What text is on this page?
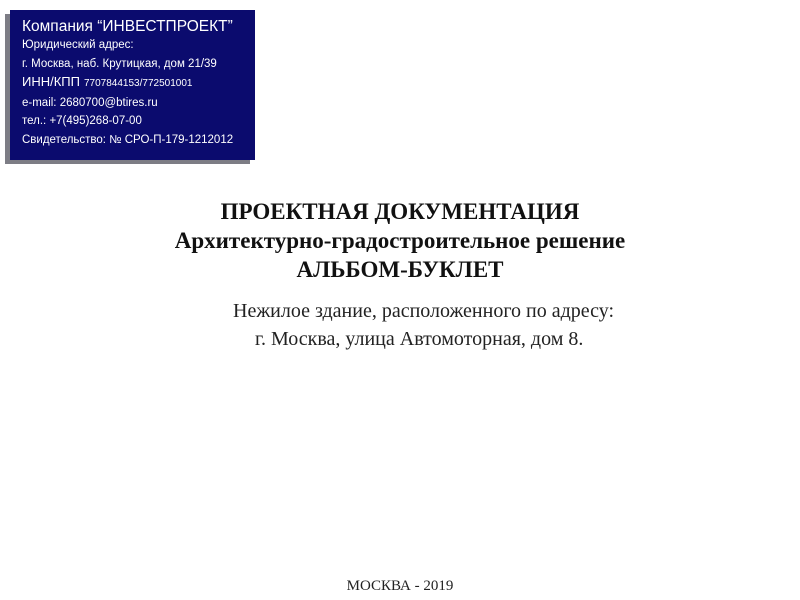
Компания “ИНВЕСТПРОЕКТ”
Юридический адрес:
г. Москва, наб. Крутицкая, дом 21/39
ИНН/КПП 7707844153/772501001
e-mail: 2680700@btires.ru
тел.: +7(495)268-07-00
Свидетельство: № СРО-П-179-1212012
ПРОЕКТНАЯ ДОКУМЕНТАЦИЯ
Архитектурно-градостроительное решение
АЛЬБОМ-БУКЛЕТ
Нежилое здание, расположенного по адресу:
г. Москва, улица Автомоторная, дом 8.
МОСКВА - 2019
